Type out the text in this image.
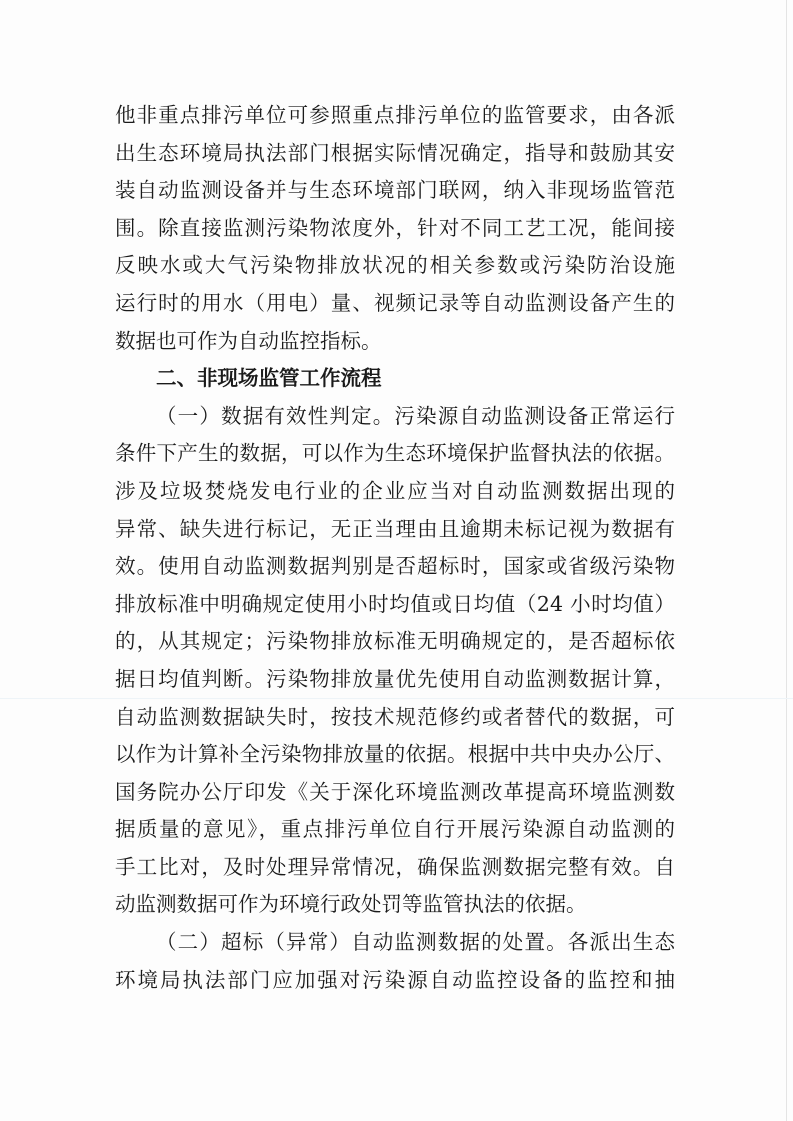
他非重点排污单位可参照重点排污单位的监管要求，由各派
出生态环境局执法部门根据实际情况确定，指导和鼓励其安
装自动监测设备并与生态环境部门联网，纳入非现场监管范
围。除直接监测污染物浓度外，针对不同工艺工况，能间接
反映水或大气污染物排放状况的相关参数或污染防治设施
运行时的用水（用电）量、视频记录等自动监测设备产生的
数据也可作为自动监控指标。
二、非现场监管工作流程
（一）数据有效性判定。污染源自动监测设备正常运行
条件下产生的数据，可以作为生态环境保护监督执法的依据。
涉及垃圾焚烧发电行业的企业应当对自动监测数据出现的
异常、缺失进行标记，无正当理由且逾期未标记视为数据有
效。使用自动监测数据判别是否超标时，国家或省级污染物
排放标准中明确规定使用小时均值或日均值（24 小时均值）
的，从其规定；污染物排放标准无明确规定的，是否超标依
据日均值判断。污染物排放量优先使用自动监测数据计算，
自动监测数据缺失时，按技术规范修约或者替代的数据，可
以作为计算补全污染物排放量的依据。根据中共中央办公厅、
国务院办公厅印发《关于深化环境监测改革提高环境监测数
据质量的意见》，重点排污单位自行开展污染源自动监测的
手工比对，及时处理异常情况，确保监测数据完整有效。自
动监测数据可作为环境行政处罚等监管执法的依据。
（二）超标（异常）自动监测数据的处置。各派出生态
环境局执法部门应加强对污染源自动监控设备的监控和抽
